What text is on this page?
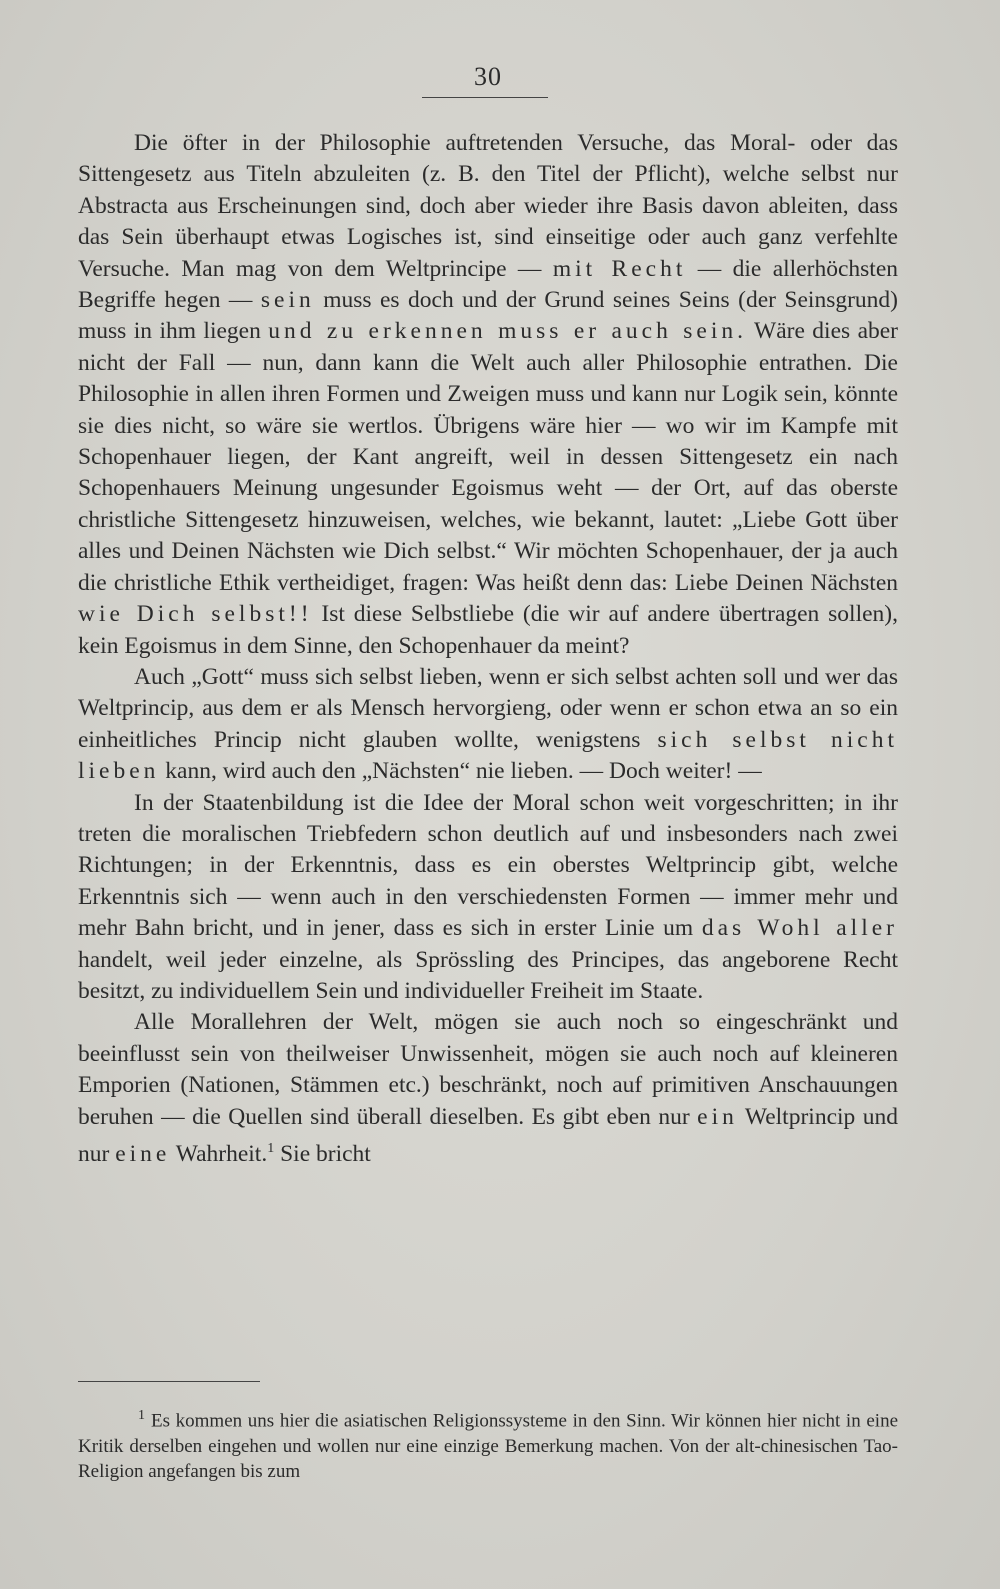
30

Die öfter in der Philosophie auftretenden Versuche, das Moral- oder das Sittengesetz aus Titeln abzuleiten (z. B. den Titel der Pflicht), welche selbst nur Abstracta aus Erscheinungen sind, doch aber wieder ihre Basis davon ableiten, dass das Sein überhaupt etwas Logisches ist, sind einseitige oder auch ganz verfehlte Versuche. Man mag von dem Weltprincipe — mit Recht — die allerhöchsten Begriffe hegen — sein muss es doch und der Grund seines Seins (der Seinsgrund) muss in ihm liegen und zu erkennen muss er auch sein. Wäre dies aber nicht der Fall — nun, dann kann die Welt auch aller Philosophie entrathen. Die Philosophie in allen ihren Formen und Zweigen muss und kann nur Logik sein, könnte sie dies nicht, so wäre sie wertlos. Übrigens wäre hier — wo wir im Kampfe mit Schopenhauer liegen, der Kant angreift, weil in dessen Sittengesetz ein nach Schopenhauers Meinung ungesunder Egoismus weht — der Ort, auf das oberste christliche Sittengesetz hinzuweisen, welches, wie bekannt, lautet: „Liebe Gott über alles und Deinen Nächsten wie Dich selbst.“ Wir möchten Schopenhauer, der ja auch die christliche Ethik vertheidiget, fragen: Was heißt denn das: Liebe Deinen Nächsten wie Dich selbst!! Ist diese Selbstliebe (die wir auf andere übertragen sollen), kein Egoismus in dem Sinne, den Schopenhauer da meint?

Auch „Gott“ muss sich selbst lieben, wenn er sich selbst achten soll und wer das Weltprincip, aus dem er als Mensch hervorgieng, oder wenn er schon etwa an so ein einheitliches Princip nicht glauben wollte, wenigstens sich selbst nicht lieben kann, wird auch den „Nächsten“ nie lieben. — Doch weiter! —

In der Staatenbildung ist die Idee der Moral schon weit vorgeschritten; in ihr treten die moralischen Triebfedern schon deutlich auf und insbesonders nach zwei Richtungen; in der Erkenntnis, dass es ein oberstes Weltprincip gibt, welche Erkenntnis sich — wenn auch in den verschiedensten Formen — immer mehr und mehr Bahn bricht, und in jener, dass es sich in erster Linie um das Wohl aller handelt, weil jeder einzelne, als Sprössling des Principes, das angeborene Recht besitzt, zu individuellem Sein und individueller Freiheit im Staate.

Alle Morallehren der Welt, mögen sie auch noch so eingeschränkt und beeinflusst sein von theilweiser Unwissenheit, mögen sie auch noch auf kleineren Emporien (Nationen, Stämmen etc.) beschränkt, noch auf primitiven Anschauungen beruhen — die Quellen sind überall dieselben. Es gibt eben nur ein Weltprincip und nur eine Wahrheit.$^1$ Sie bricht

$^1$ Es kommen uns hier die asiatischen Religionssysteme in den Sinn. Wir können hier nicht in eine Kritik derselben eingehen und wollen nur eine einzige Bemerkung machen. Von der alt-chinesischen Tao-Religion angefangen bis zum
